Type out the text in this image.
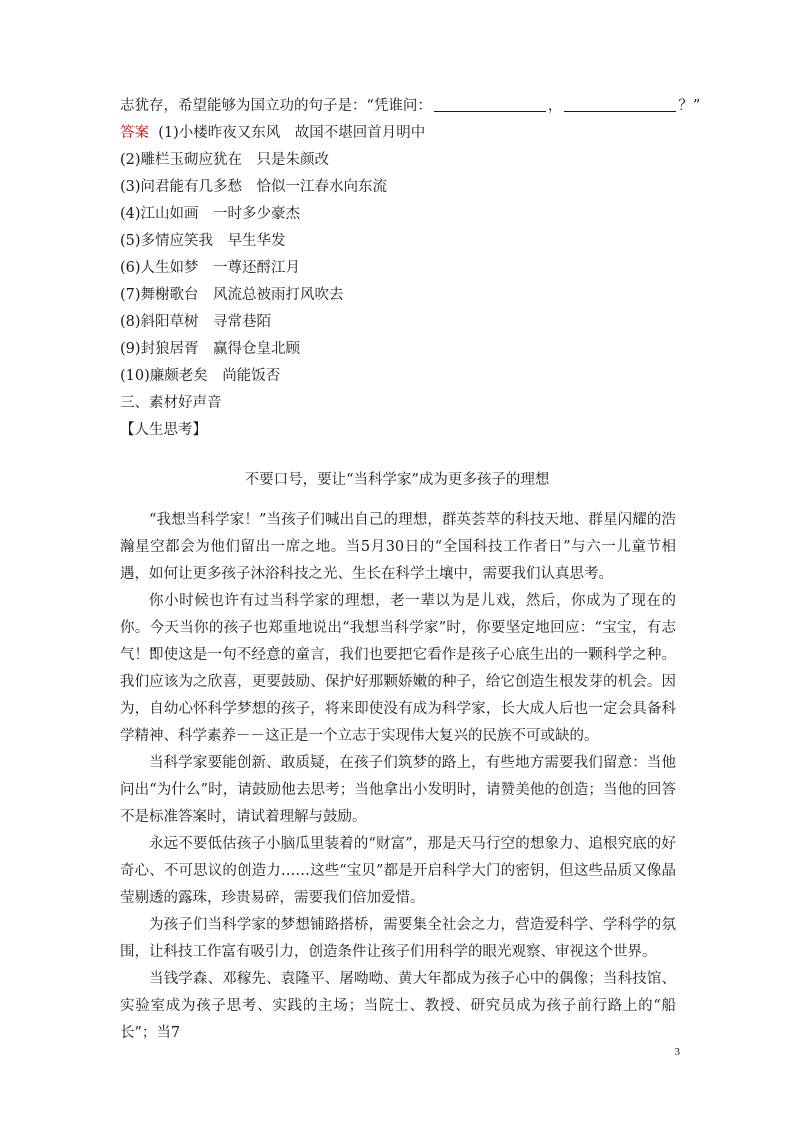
志犹存，希望能够为国立功的句子是：“凭谁问：	，	？”
答案 (1)小楼昨夜又东风　故国不堪回首月明中
(2)雕栏玉砌应犹在　只是朱颜改
(3)问君能有几多愁　恰似一江春水向东流
(4)江山如画　一时多少豪杰
(5)多情应笑我　早生华发
(6)人生如梦　一尊还酹江月
(7)舞榭歌台　风流总被雨打风吹去
(8)斜阳草树　寻常巷陌
(9)封狼居胥　赢得仓皇北顾
(10)廉颇老矣　尚能饭否
三、素材好声音
【人生思考】
不要口号，要让“当科学家”成为更多孩子的理想
“我想当科学家！”当孩子们喊出自己的理想，群英荟萃的科技天地、群星闪耀的浩瀚星空都会为他们留出一席之地。当5月30日的“全国科技工作者日”与六一儿童节相遇，如何让更多孩子沐浴科技之光、生长在科学土壤中，需要我们认真思考。
你小时候也许有过当科学家的理想，老一辈以为是儿戏，然后，你成为了现在的你。今天当你的孩子也郑重地说出“我想当科学家”时，你要坚定地回应：“宝宝，有志气！”
即使这是一句不经意的童言，我们也要把它看作是孩子心底生出的一颗科学之种。我们应该为之欣喜，更要鼓励、保护好那颗娇嫩的种子，给它创造生根发芽的机会。因为，自幼心怀科学梦想的孩子，将来即使没有成为科学家，长大成人后也一定会具备科学精神、科学素养－－这正是一个立志于实现伟大复兴的民族不可或缺的。
当科学家要能创新、敢质疑，在孩子们筑梦的路上，有些地方需要我们留意：当他问出“为什么”时，请鼓励他去思考；当他拿出小发明时，请赞美他的创造；当他的回答不是标准答案时，请试着理解与鼓励。
永远不要低估孩子小脑瓜里装着的“财富”，那是天马行空的想象力、追根究底的好奇心、不可思议的创造力……这些“宝贝”都是开启科学大门的密钥，但这些品质又像晶莹剔透的露珠，珍贵易碎，需要我们倍加爱惜。
为孩子们当科学家的梦想铺路搭桥，需要集全社会之力，营造爱科学、学科学的氛围，让科技工作富有吸引力，创造条件让孩子们用科学的眼光观察、审视这个世界。
当钱学森、邓稼先、袁隆平、屠呦呦、黄大年都成为孩子心中的偶像；当科技馆、实验室成为孩子思考、实践的主场；当院士、教授、研究员成为孩子前行路上的“船长”；当7
3
